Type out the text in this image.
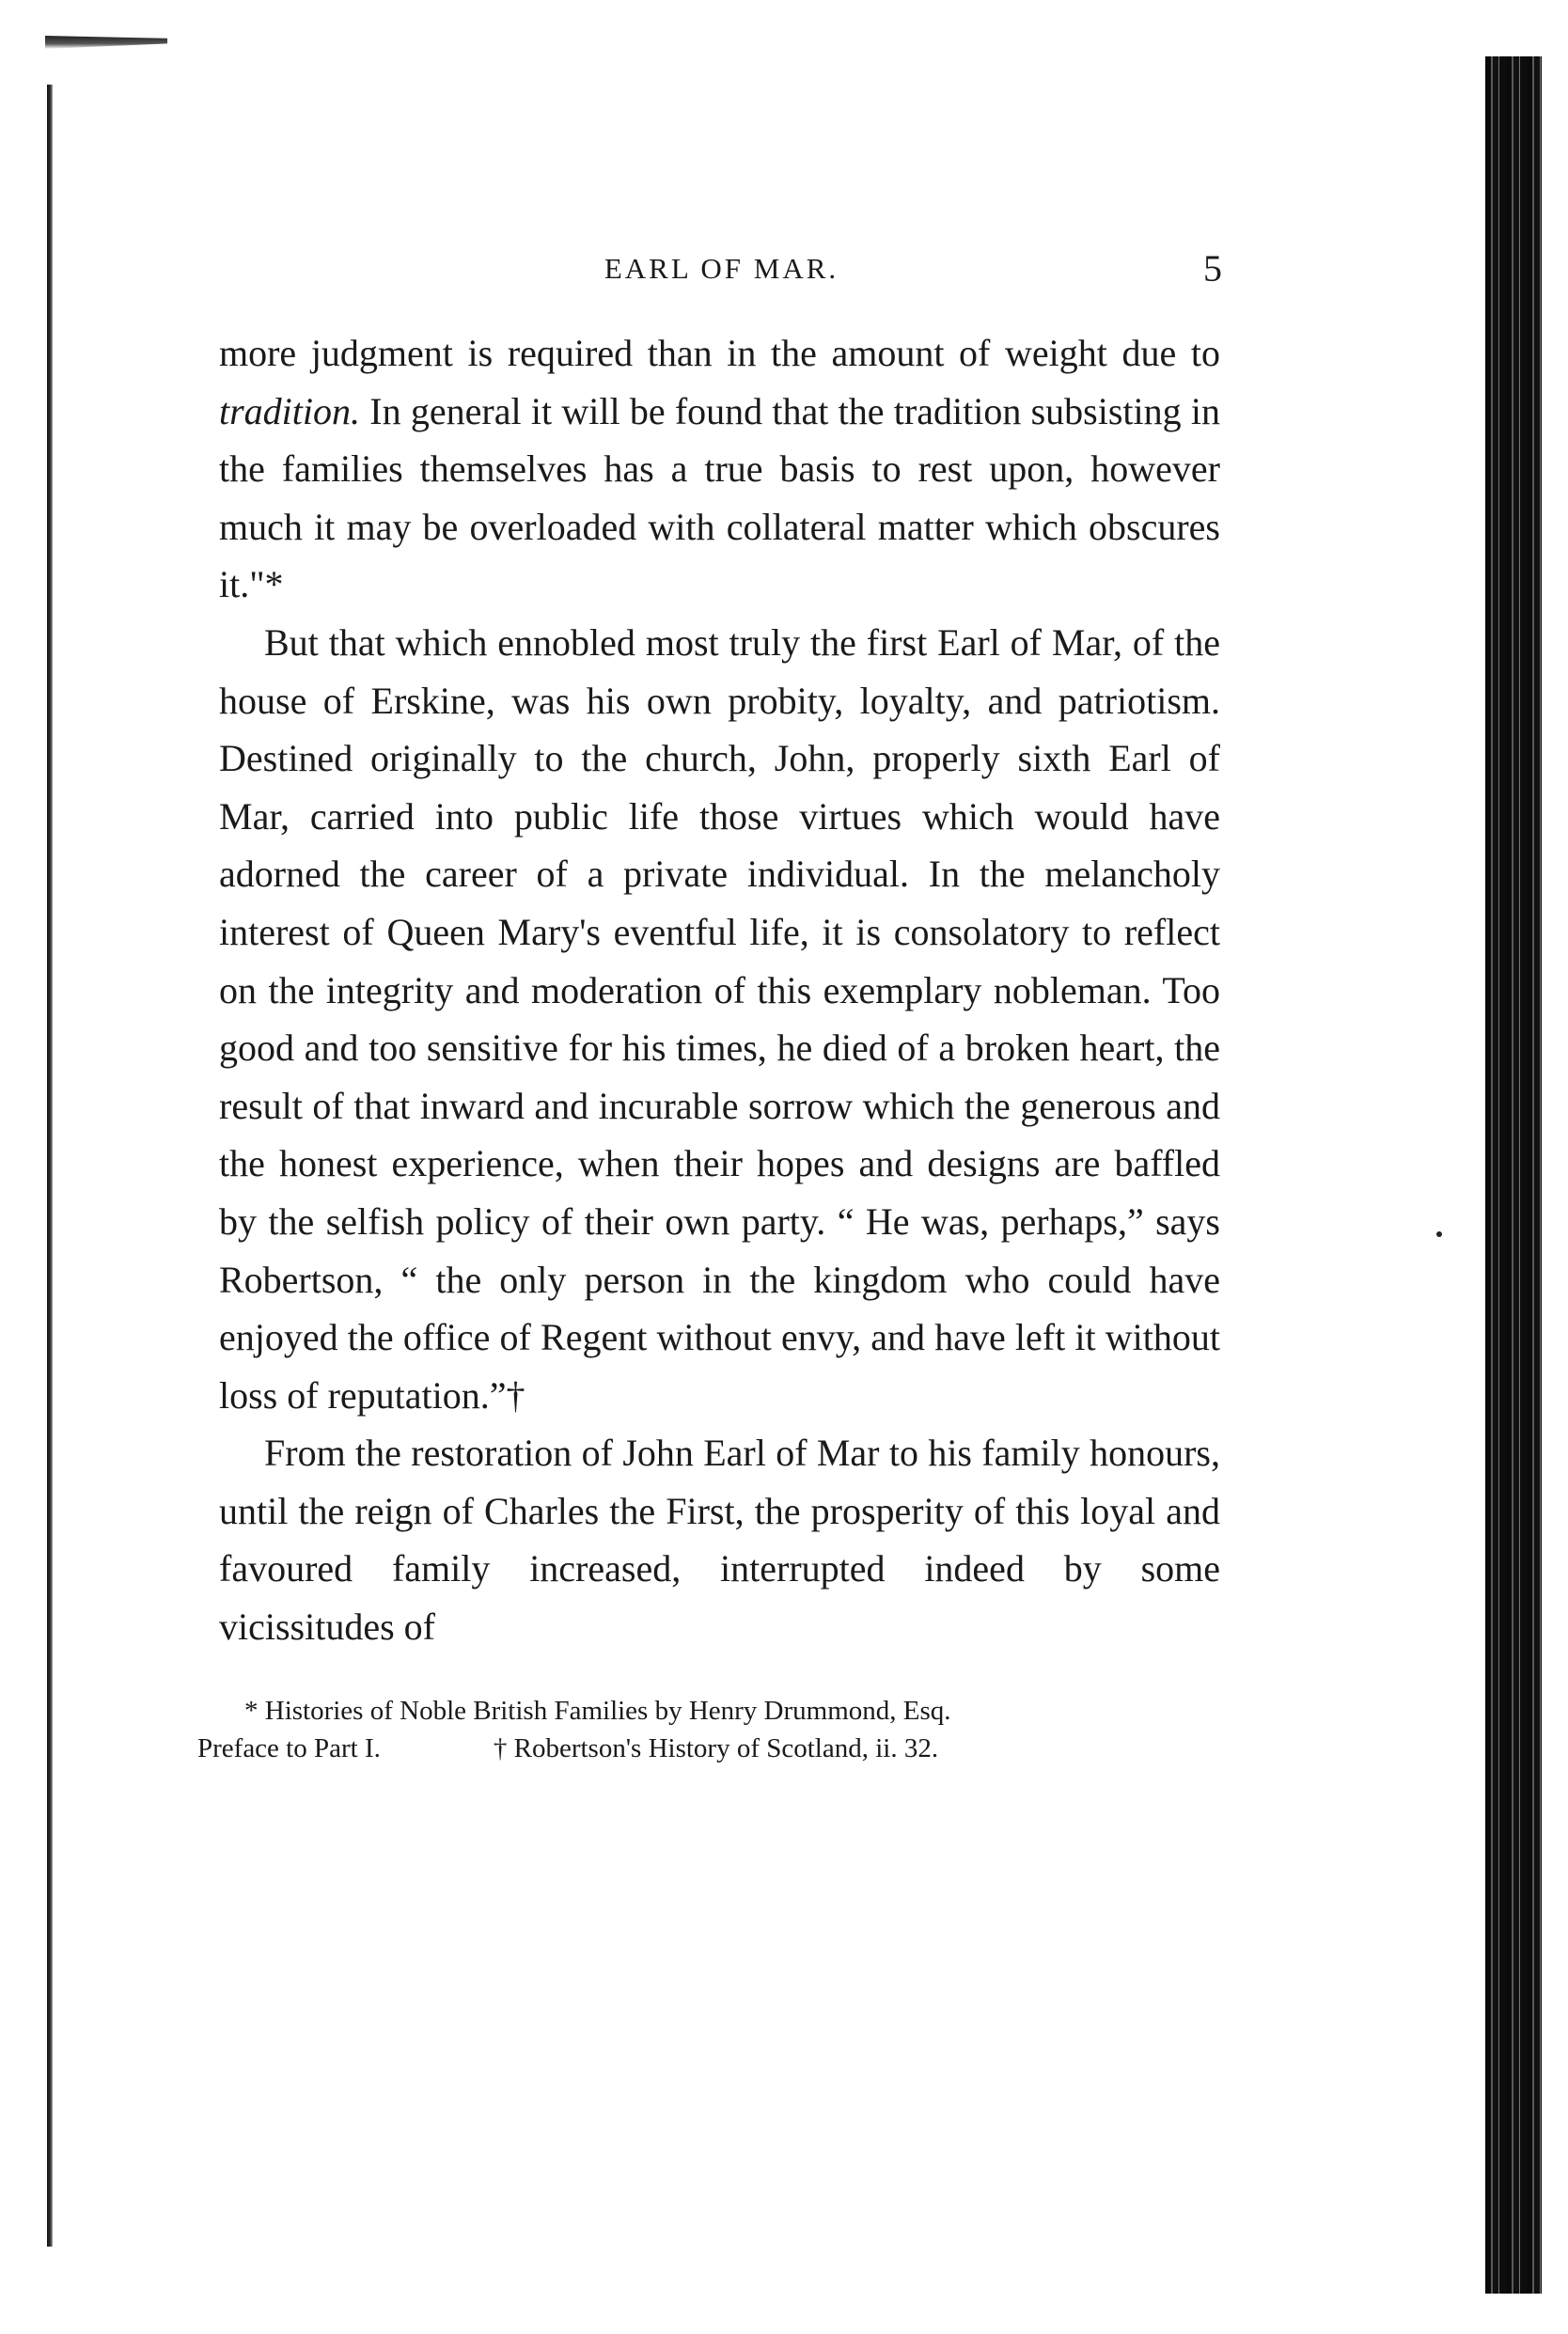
EARL OF MAR.	5

more judgment is required than in the amount of weight due to tradition. In general it will be found that the tradition subsisting in the families themselves has a true basis to rest upon, however much it may be overloaded with collateral matter which obscures it."*

But that which ennobled most truly the first Earl of Mar, of the house of Erskine, was his own probity, loyalty, and patriotism. Destined originally to the church, John, properly sixth Earl of Mar, carried into public life those virtues which would have adorned the career of a private individual. In the melancholy interest of Queen Mary's eventful life, it is consolatory to reflect on the integrity and moderation of this exemplary nobleman. Too good and too sensitive for his times, he died of a broken heart, the result of that inward and incurable sorrow which the generous and the honest experience, when their hopes and designs are baffled by the selfish policy of their own party. “ He was, perhaps,” says Robertson, “ the only person in the kingdom who could have enjoyed the office of Regent without envy, and have left it without loss of reputation.”†

From the restoration of John Earl of Mar to his family honours, until the reign of Charles the First, the prosperity of this loyal and favoured family increased, interrupted indeed by some vicissitudes of

* Histories of Noble British Families by Henry Drummond, Esq.
Preface to Part I.	† Robertson's History of Scotland, ii. 32.
